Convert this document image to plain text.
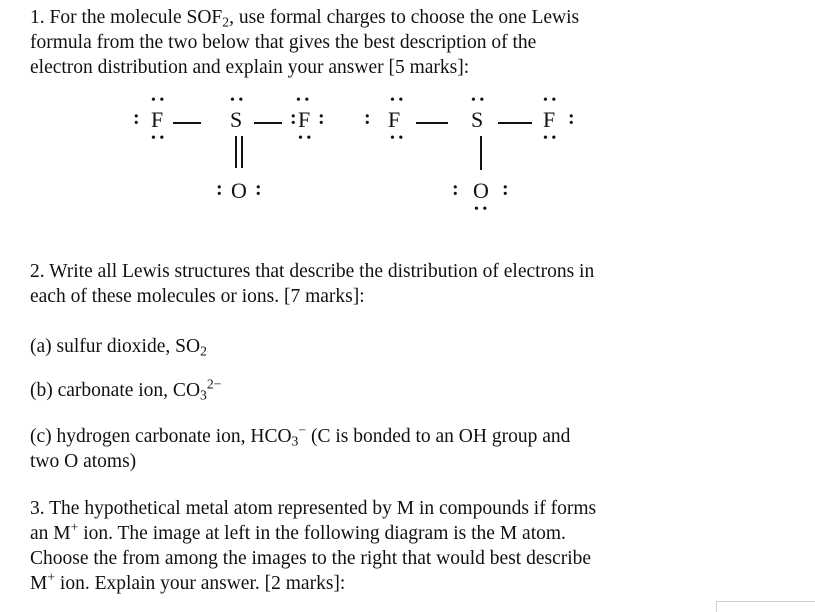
1. For the molecule $SOF_2$, use formal charges to choose the one Lewis
formula from the two below that gives the best description of the
electron distribution and explain your answer [5 marks]:
:
• •
F
• •
• •
S
• •
: F :
• •
: O :
:
• •
F
• •
• •
S
• •
F :
• •
: O :
• •
2. Write all Lewis structures that describe the distribution of electrons in
each of these molecules or ions. [7 marks]:
(a) sulfur dioxide, $SO_2$
(b) carbonate ion, $CO_3^{2-}$
(c) hydrogen carbonate ion, $HCO_3^-$ (C is bonded to an OH group and
two O atoms)
3. The hypothetical metal atom represented by M in compounds if forms
an M+ ion. The image at left in the following diagram is the M atom.
Choose the from among the images to the right that would best describe
M+ ion. Explain your answer. [2 marks]:
